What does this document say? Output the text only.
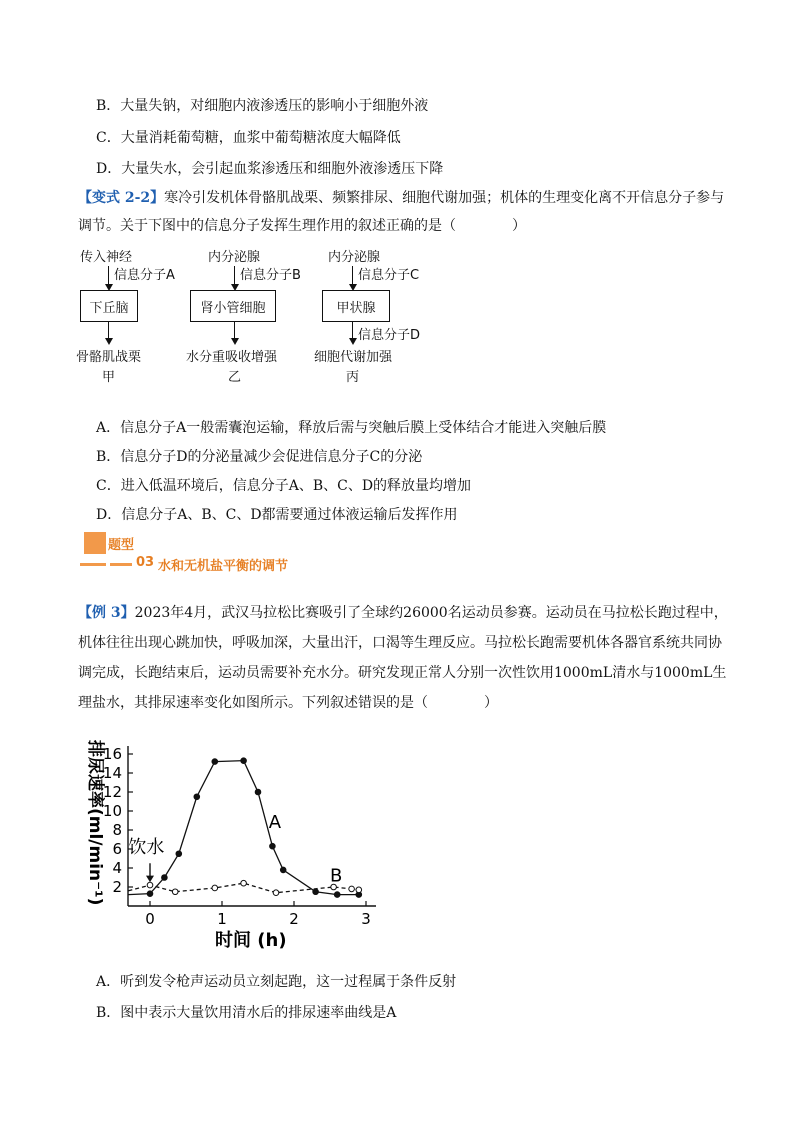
B．大量失钠，对细胞内液渗透压的影响小于细胞外液
C．大量消耗葡萄糖，血浆中葡萄糖浓度大幅降低
D．大量失水，会引起血浆渗透压和细胞外液渗透压下降
【变式 2-2】寒冷引发机体骨骼肌战栗、频繁排尿、细胞代谢加强；机体的生理变化离不开信息分子参与调节。关于下图中的信息分子发挥生理作用的叙述正确的是（　　　　）
传入神经
信息分子A
下丘脑
骨骼肌战栗
甲
内分泌腺
信息分子B
肾小管细胞
水分重吸收增强
乙
内分泌腺
信息分子C
甲状腺
信息分子D
细胞代谢加强
丙
A．信息分子A一般需囊泡运输，释放后需与突触后膜上受体结合才能进入突触后膜
B．信息分子D的分泌量减少会促进信息分子C的分泌
C．进入低温环境后，信息分子A、B、C、D的释放量均增加
D．信息分子A、B、C、D都需要通过体液运输后发挥作用
题型
03 水和无机盐平衡的调节
【例 3】2023年4月，武汉马拉松比赛吸引了全球约26000名运动员参赛。运动员在马拉松长跑过程中，机体往往出现心跳加快，呼吸加深，大量出汗，口渴等生理反应。马拉松长跑需要机体各器官系统共同协调完成，长跑结束后，运动员需要补充水分。研究发现正常人分别一次性饮用1000mL清水与1000mL生理盐水，其排尿速率变化如图所示。下列叙述错误的是（　　　　）
2
4
6
8
10
12
14
16
0	1	2	3
时间 (h)
排尿速率(ml/min⁻¹)	A
B
饮水
A．听到发令枪声运动员立刻起跑，这一过程属于条件反射
B．图中表示大量饮用清水后的排尿速率曲线是A
